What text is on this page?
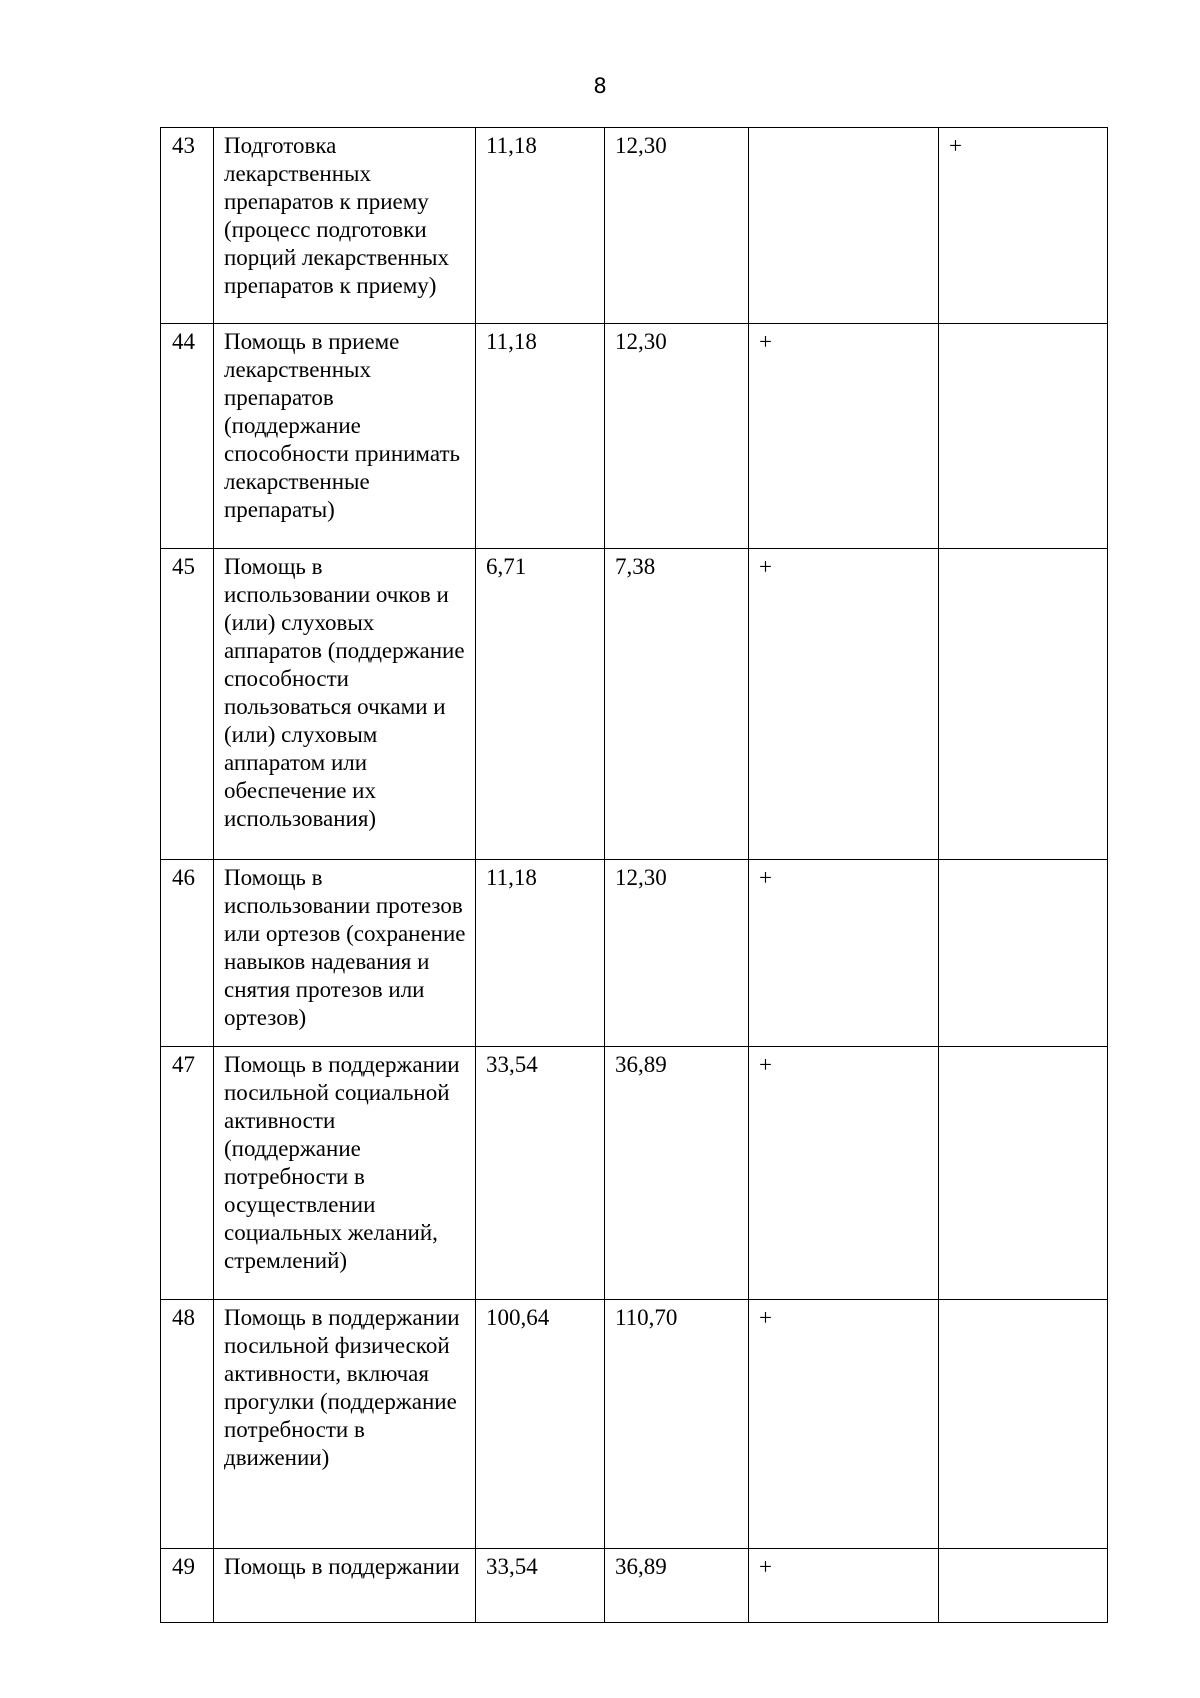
8
43	Подготовка лекарственных препаратов к приему (процесс подготовки порций лекарственных препаратов к приему)	11,18	12,30		+
44	Помощь в приеме лекарственных препаратов (поддержание способности принимать лекарственные препараты)	11,18	12,30	+	
45	Помощь в использовании очков и (или) слуховых аппаратов (поддержание способности пользоваться очками и (или) слуховым аппаратом или обеспечение их использования)	6,71	7,38	+	
46	Помощь в использовании протезов или ортезов (сохранение навыков надевания и снятия протезов или ортезов)	11,18	12,30	+	
47	Помощь в поддержании посильной социальной активности (поддержание потребности в осуществлении социальных желаний, стремлений)	33,54	36,89	+	
48	Помощь в поддержании посильной физической активности, включая прогулки (поддержание потребности в движении)	100,64	110,70	+	
49	Помощь в поддержании	33,54	36,89	+	
